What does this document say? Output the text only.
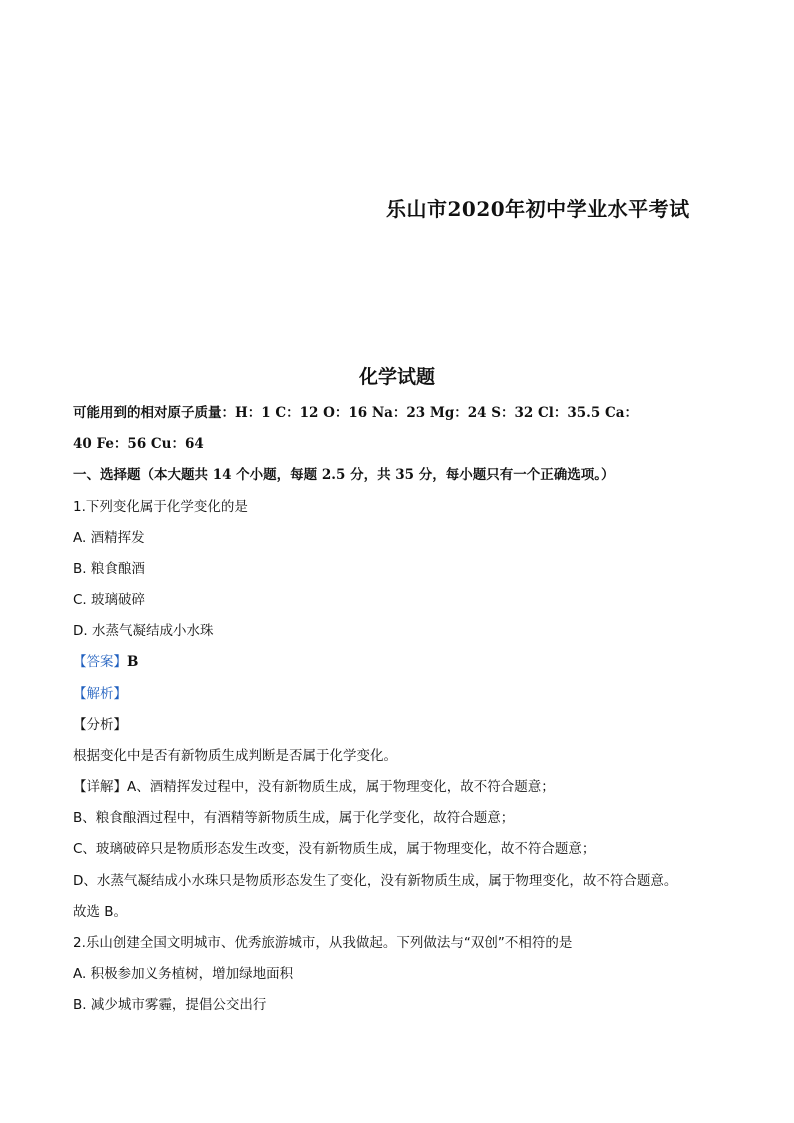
乐山市2020年初中学业水平考试
化学试题
可能用到的相对原子质量：H：1 C：12 O：16 Na：23 Mg：24 S：32 Cl：35.5 Ca：
40 Fe：56 Cu：64
一、选择题（本大题共 14 个小题，每题 2.5 分，共 35 分，每小题只有一个正确选项。）
1.下列变化属于化学变化的是
A. 酒精挥发
B. 粮食酿酒
C. 玻璃破碎
D. 水蒸气凝结成小水珠
【答案】B
【解析】
【分析】
根据变化中是否有新物质生成判断是否属于化学变化。
【详解】A、酒精挥发过程中，没有新物质生成，属于物理变化，故不符合题意；
B、粮食酿酒过程中，有酒精等新物质生成，属于化学变化，故符合题意；
C、玻璃破碎只是物质形态发生改变，没有新物质生成，属于物理变化，故不符合题意；
D、水蒸气凝结成小水珠只是物质形态发生了变化，没有新物质生成，属于物理变化，故不符合题意。
故选 B。
2.乐山创建全国文明城市、优秀旅游城市，从我做起。下列做法与“双创”不相符的是
A. 积极参加义务植树，增加绿地面积
B. 减少城市雾霾，提倡公交出行
